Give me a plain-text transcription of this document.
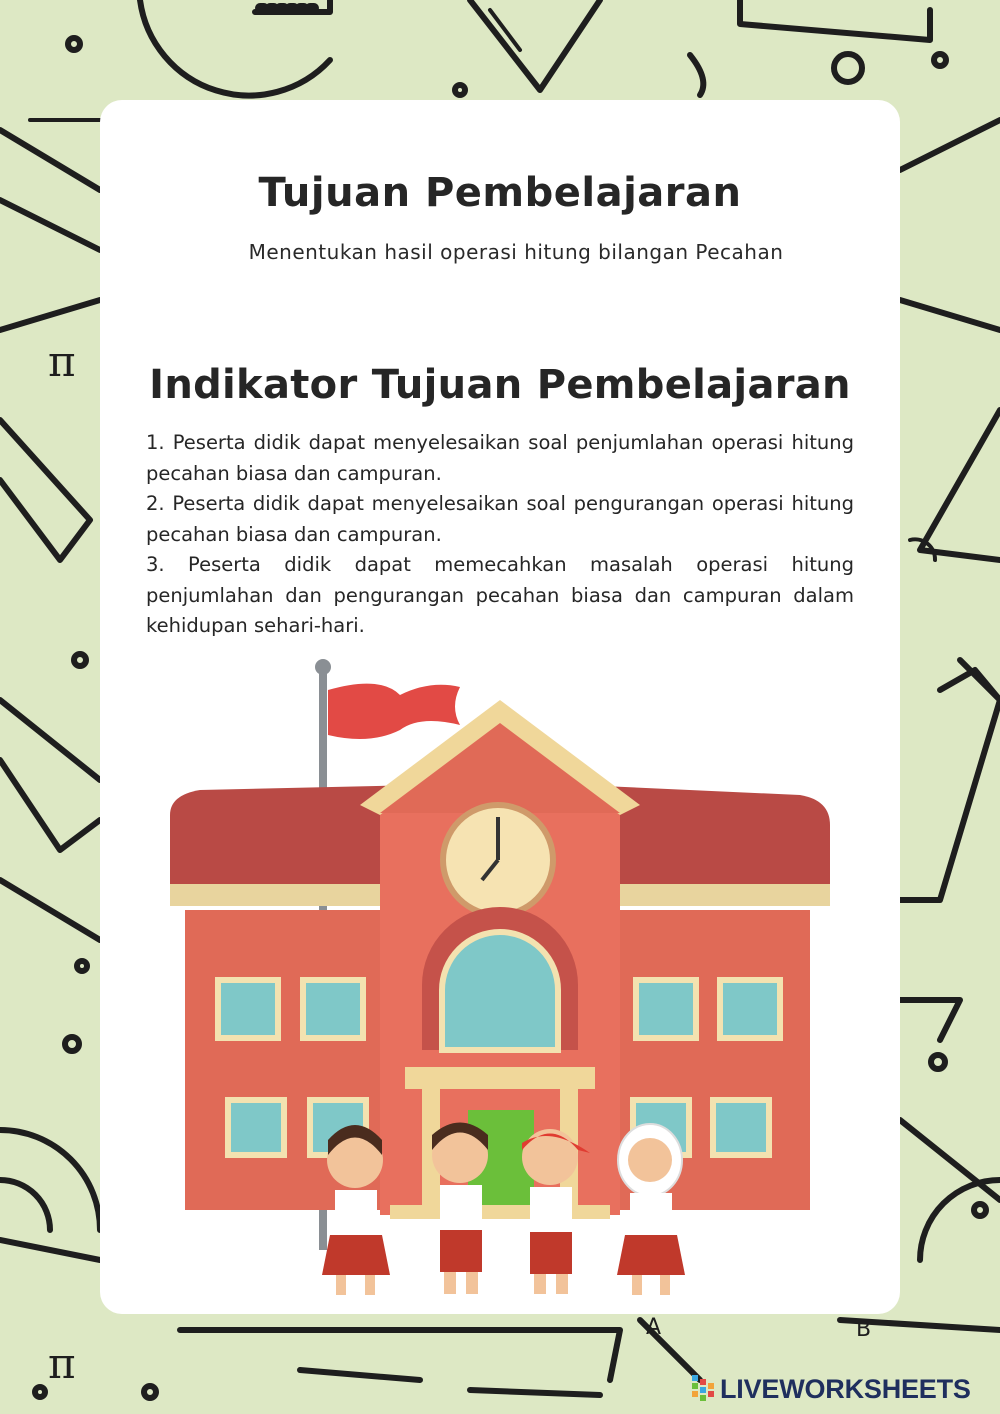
π
π
A	B
Tujuan Pembelajaran
Menentukan hasil operasi hitung bilangan Pecahan
Indikator Tujuan Pembelajaran

1. Peserta didik dapat menyelesaikan soal penjumlahan operasi hitung pecahan biasa dan campuran.

2. Peserta didik dapat menyelesaikan soal pengurangan operasi hitung pecahan biasa dan campuran.

3. Peserta didik dapat memecahkan masalah operasi hitung penjumlahan dan pengurangan pecahan biasa dan campuran dalam kehidupan sehari-hari.

LIVEWORKSHEETS
